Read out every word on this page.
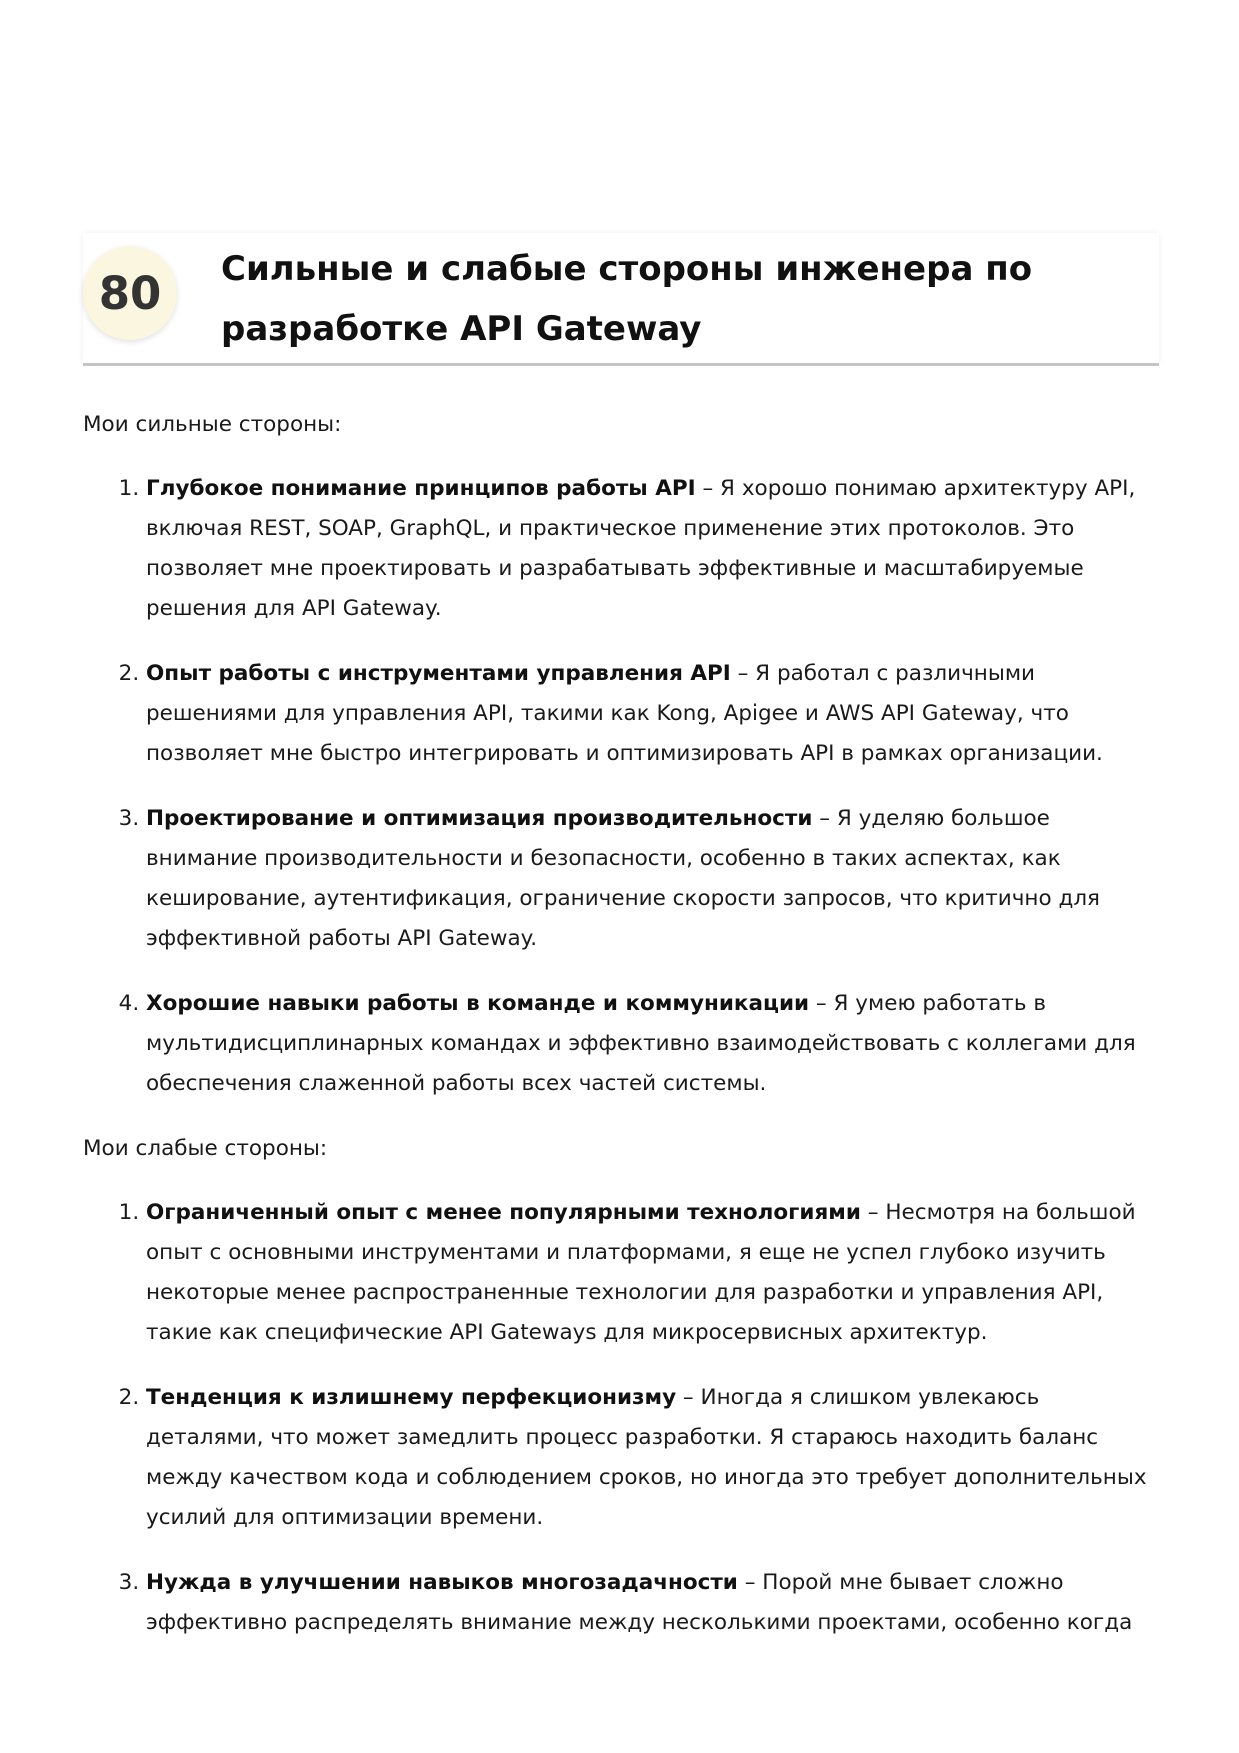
80	Сильные и слабые стороны инженера по разработке API Gateway

Мои сильные стороны:

1. Глубокое понимание принципов работы API – Я хорошо понимаю архитектуру API, включая REST, SOAP, GraphQL, и практическое применение этих протоколов. Это позволяет мне проектировать и разрабатывать эффективные и масштабируемые решения для API Gateway.
2. Опыт работы с инструментами управления API – Я работал с различными решениями для управления API, такими как Kong, Apigee и AWS API Gateway, что позволяет мне быстро интегрировать и оптимизировать API в рамках организации.
3. Проектирование и оптимизация производительности – Я уделяю большое внимание производительности и безопасности, особенно в таких аспектах, как кеширование, аутентификация, ограничение скорости запросов, что критично для эффективной работы API Gateway.
4. Хорошие навыки работы в команде и коммуникации – Я умею работать в мультидисциплинарных командах и эффективно взаимодействовать с коллегами для обеспечения слаженной работы всех частей системы.

Мои слабые стороны:

1. Ограниченный опыт с менее популярными технологиями – Несмотря на большой опыт с основными инструментами и платформами, я еще не успел глубоко изучить некоторые менее распространенные технологии для разработки и управления API, такие как специфические API Gateways для микросервисных архитектур.
2. Тенденция к излишнему перфекционизму – Иногда я слишком увлекаюсь деталями, что может замедлить процесс разработки. Я стараюсь находить баланс между качеством кода и соблюдением сроков, но иногда это требует дополнительных усилий для оптимизации времени.
3. Нужда в улучшении навыков многозадачности – Порой мне бывает сложно эффективно распределять внимание между несколькими проектами, особенно когда
